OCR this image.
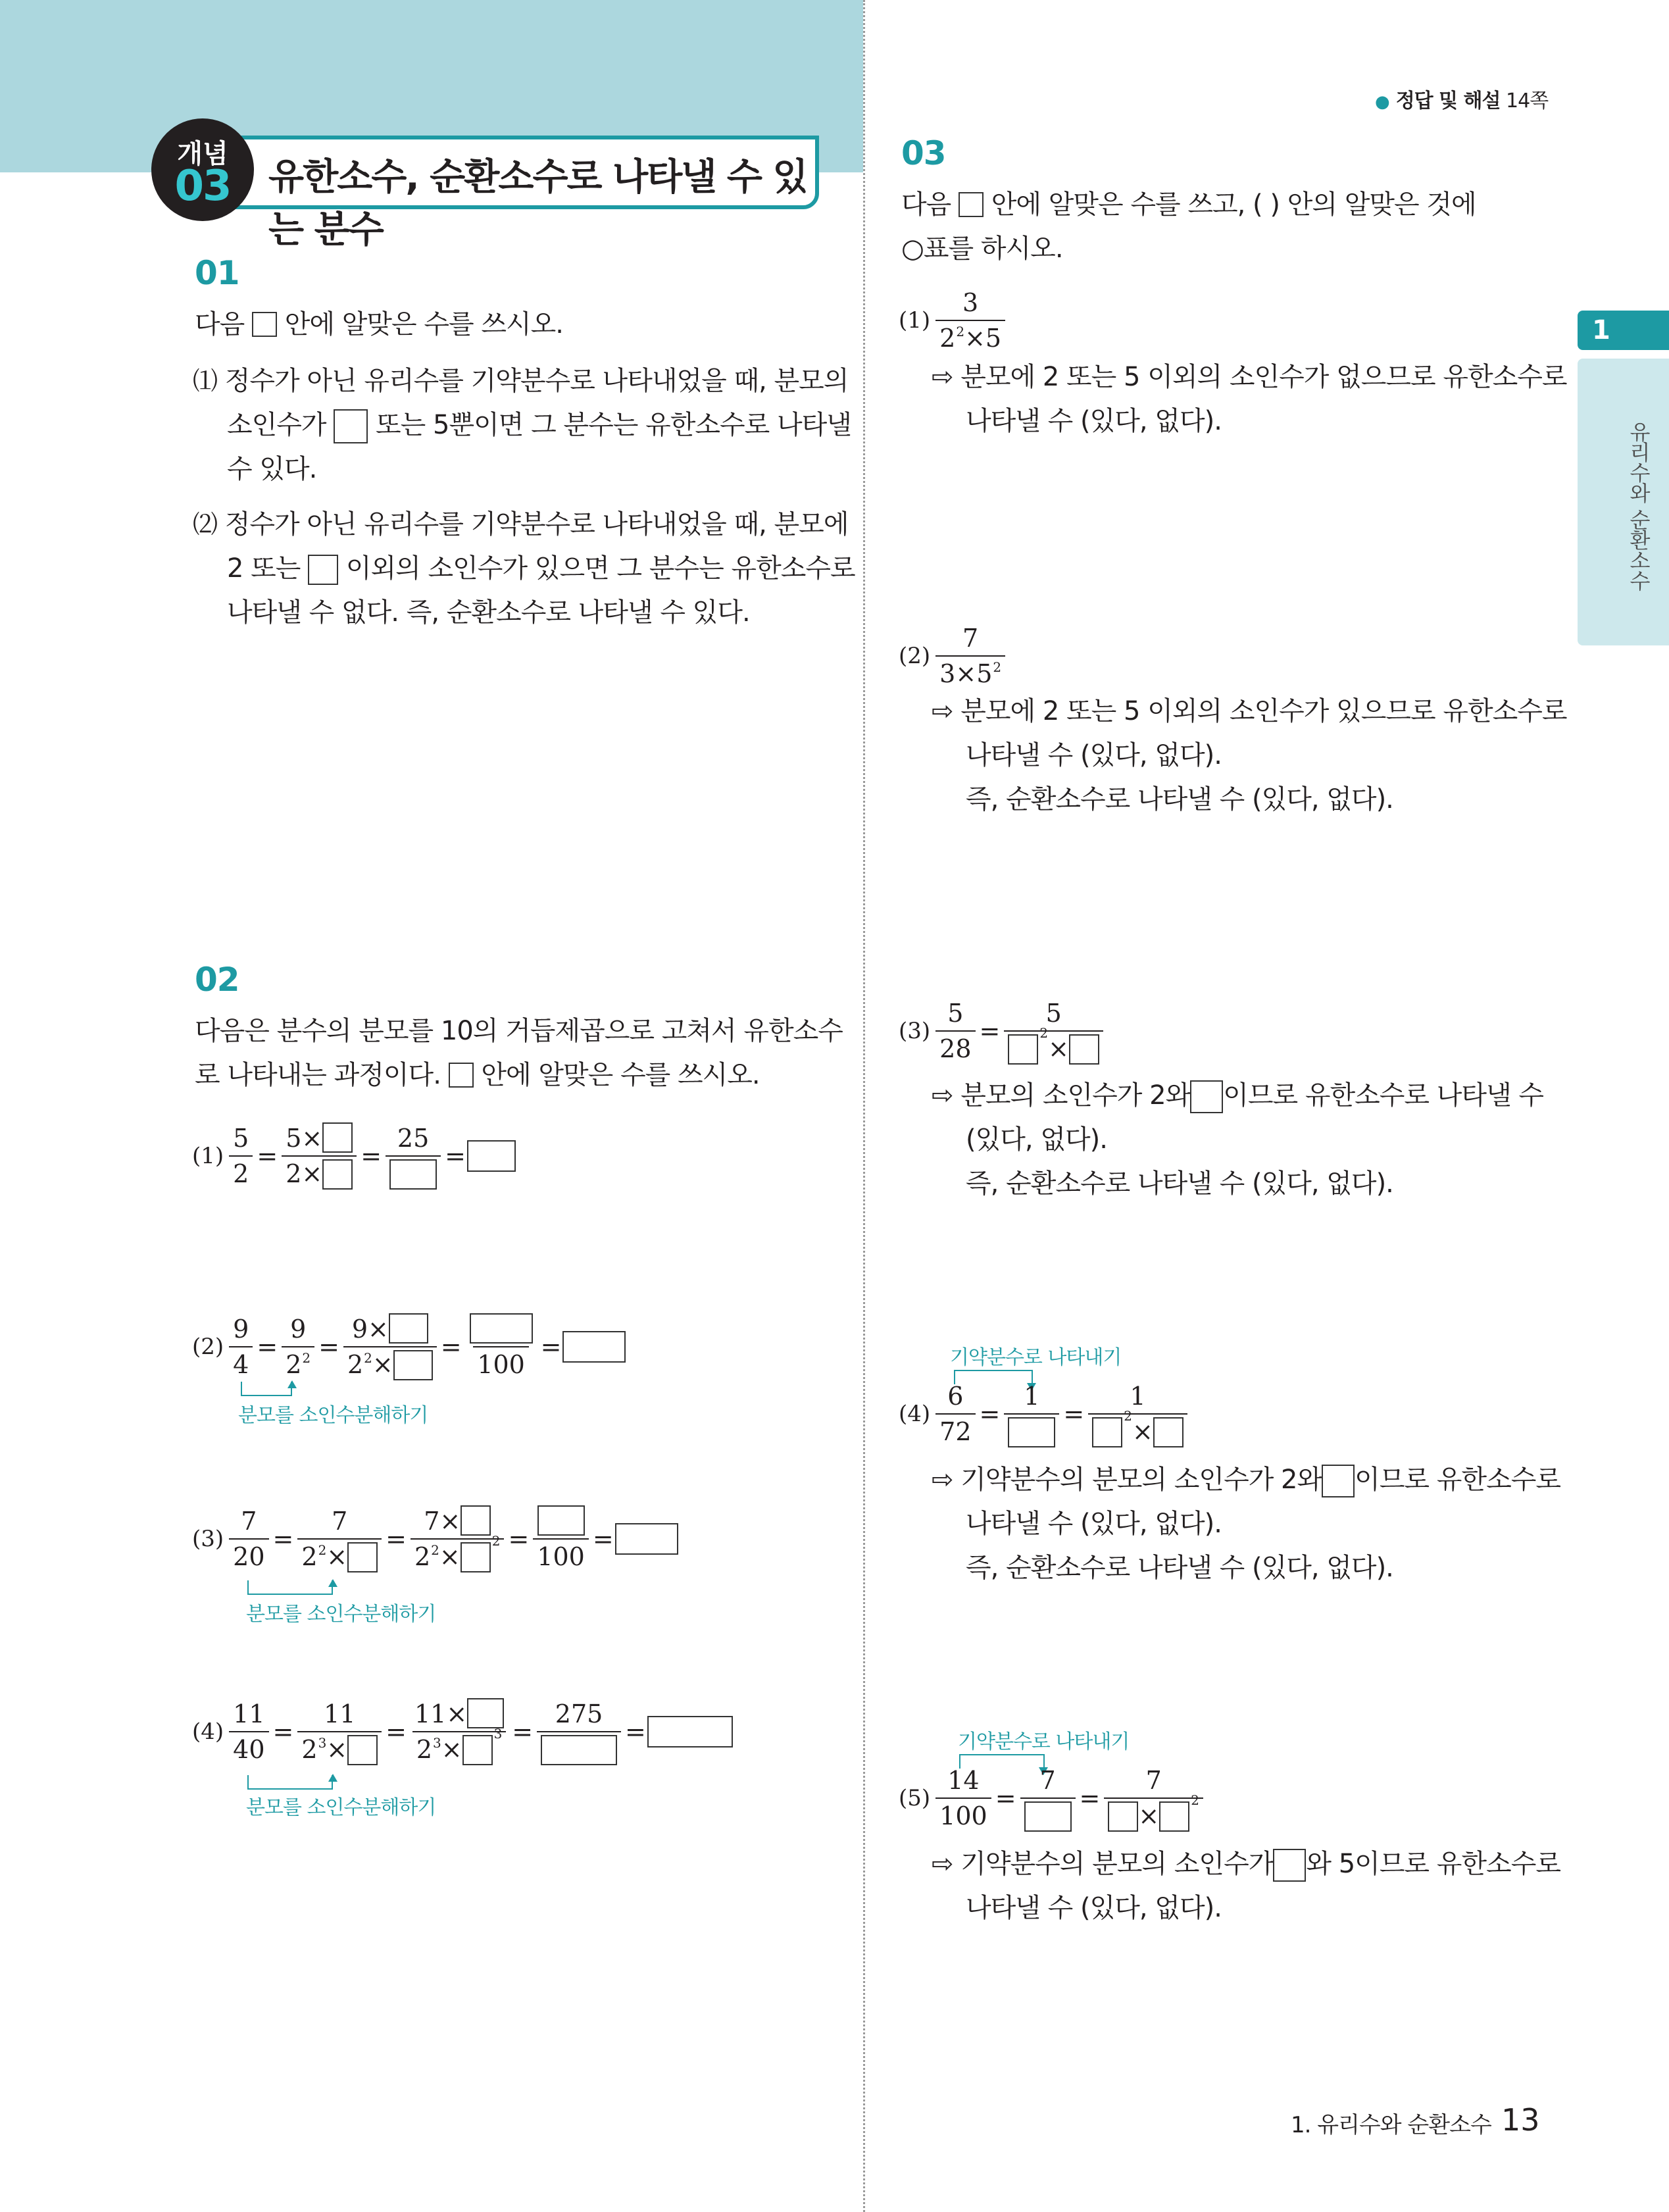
유한소수, 순환소수로 나타낼 수 있는 분수
개념
03
● 정답 및 해설 14쪽
1
유리수와 순환소수
01
다음 안에 알맞은 수를 쓰시오.
⑴ 정수가 아닌 유리수를 기약분수로 나타내었을 때, 분모의
소인수가 또는 5뿐이면 그 분수는 유한소수로 나타낼
수 있다.
⑵ 정수가 아닌 유리수를 기약분수로 나타내었을 때, 분모에
2 또는 이외의 소인수가 있으면 그 분수는 유한소수로
나타낼 수 없다. 즉, 순환소수로 나타낼 수 있다.
02
다음은 분수의 분모를 10의 거듭제곱으로 고쳐서 유한소수
로 나타내는 과정이다. 안에 알맞은 수를 쓰시오.
$(1) \frac{5}{2} = \frac{5\times}{2\times}$ =
25
=
$(2) \frac{9}{4} = \frac{9}{2^2} = \frac{9\times}{2^2 \times}$ =
100
=
분모를 소인수분해하기
$(3) \frac{7}{20} = \frac{7}{2^2 \times} = 7\times$
$2^2$ ×
2 =
100
=
분모를 소인수분해하기
$(4) \frac{11}{40} = \frac{11}{2^3 \times} = 11\times$
$2^3$ ×
3 =
275
=
분모를 소인수분해하기
03
다음 안에 알맞은 수를 쓰고, ( ) 안의 알맞은 것에
○표를 하시오.
$(1) \frac{3}{2^2 \times 5}$
⇨ 분모에 2 또는 5 이외의 소인수가 없으므로 유한소수로
나타낼 수 (있다, 없다).
$(2) \frac{7}{3\times 5^2}$
⇨ 분모에 2 또는 5 이외의 소인수가 있으므로 유한소수로
나타낼 수 (있다, 없다).
즉, 순환소수로 나타낼 수 (있다, 없다).
$(3) \frac{5}{28} = 5$
2
×
⇨ 분모의 소인수가 2와 이므로 유한소수로 나타낼 수
(있다, 없다).
즉, 순환소수로 나타낼 수 (있다, 없다).
기약분수로 나타내기
$(4) \frac{6}{72}$ =
1
= 1
2
×
⇨ 기약분수의 분모의 소인수가 2와 이므로 유한소수로
나타낼 수 (있다, 없다).
즉, 순환소수로 나타낼 수 (있다, 없다).
기약분수로 나타내기
$(5) \frac{14}{100}$ =
7
= 7
×
2
⇨ 기약분수의 분모의 소인수가 와 5이므로 유한소수로
나타낼 수 (있다, 없다).
1. 유리수와 순환소수 13
